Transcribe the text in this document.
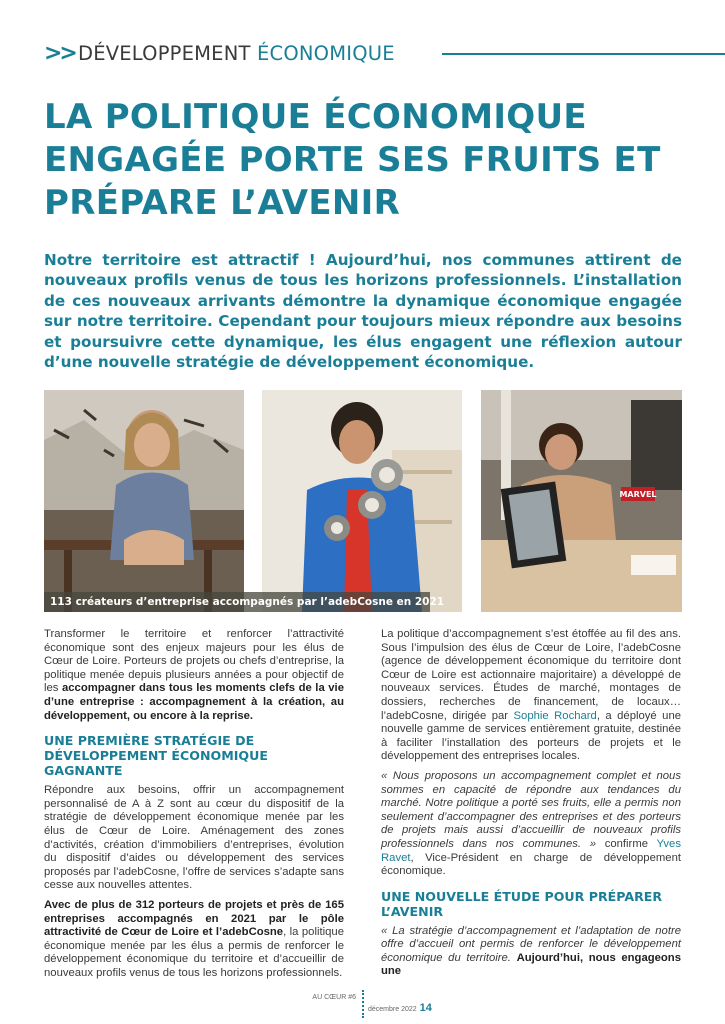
>> DÉVELOPPEMENT ÉCONOMIQUE
LA POLITIQUE ÉCONOMIQUE ENGAGÉE PORTE SES FRUITS ET PRÉPARE L’AVENIR

Notre territoire est attractif ! Aujourd’hui, nos communes attirent de nouveaux profils venus de tous les horizons professionnels. L’installation de ces nouveaux arrivants démontre la dynamique économique engagée sur notre territoire. Cependant pour toujours mieux répondre aux besoins et poursuivre cette dynamique, les élus engagent une réflexion autour d’une nouvelle stratégie de développement économique.

MARVEL
113 créateurs d’entreprise accompagnés par l’adebCosne en 2021

Transformer le territoire et renforcer l’attractivité économique sont des enjeux majeurs pour les élus de Cœur de Loire. Porteurs de projets ou chefs d’entreprise, la politique menée depuis plusieurs années a pour objectif de les accompagner dans tous les moments clefs de la vie d’une entreprise : accompagnement à la création, au développement, ou encore à la reprise.

UNE PREMIÈRE STRATÉGIE DE DÉVELOPPEMENT ÉCONOMIQUE GAGNANTE

Répondre aux besoins, offrir un accompagnement personnalisé de A à Z sont au cœur du dispositif de la stratégie de développement économique menée par les élus de Cœur de Loire. Aménagement des zones d’activités, création d’immobiliers d’entreprises, évolution du dispositif d’aides ou développement des services proposés par l’adebCosne, l’offre de services s’adapte sans cesse aux nouvelles attentes.

Avec de plus de 312 porteurs de projets et près de 165 entreprises accompagnés en 2021 par le pôle attractivité de Cœur de Loire et l’adebCosne, la politique économique menée par les élus a permis de renforcer le développement économique du territoire et d’accueillir de nouveaux profils venus de tous les horizons professionnels.

La politique d’accompagnement s’est étoffée au fil des ans. Sous l’impulsion des élus de Cœur de Loire, l’adebCosne (agence de développement économique du territoire dont Cœur de Loire est actionnaire majoritaire) a développé de nouveaux services. Études de marché, montages de dossiers, recherches de financement, de locaux… l’adebCosne, dirigée par Sophie Rochard, a déployé une nouvelle gamme de services entièrement gratuite, destinée à faciliter l’installation des porteurs de projets et le développement des entreprises locales.

« Nous proposons un accompagnement complet et nous sommes en capacité de répondre aux tendances du marché. Notre politique a porté ses fruits, elle a permis non seulement d’accompagner des entreprises et des porteurs de projets mais aussi d’accueillir de nouveaux profils professionnels dans nos communes. » confirme Yves Ravet, Vice-Président en charge de développement économique.

UNE NOUVELLE ÉTUDE POUR PRÉPARER L’AVENIR

« La stratégie d’accompagnement et l’adaptation de notre offre d’accueil ont permis de renforcer le développement économique du territoire. Aujourd’hui, nous engageons une

AU CŒUR #6
décembre 2022 14
